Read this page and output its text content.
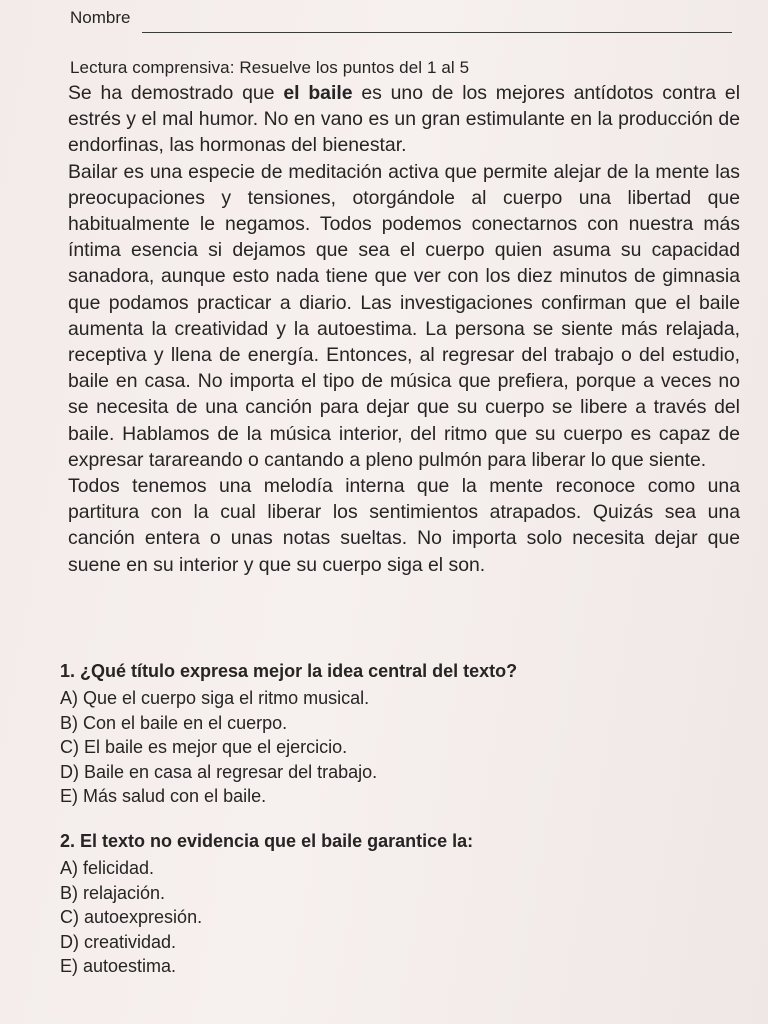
Nombre
Lectura comprensiva: Resuelve los puntos del 1 al 5

Se ha demostrado que el baile es uno de los mejores antídotos contra el estrés y el mal humor. No en vano es un gran estimulante en la producción de endorfinas, las hormonas del bienestar.

Bailar es una especie de meditación activa que permite alejar de la mente las preocupaciones y tensiones, otorgándole al cuerpo una libertad que habitualmente le negamos. Todos podemos conectarnos con nuestra más íntima esencia si dejamos que sea el cuerpo quien asuma su capacidad sanadora, aunque esto nada tiene que ver con los diez minutos de gimnasia que podamos practicar a diario. Las investigaciones confirman que el baile aumenta la creatividad y la autoestima. La persona se siente más relajada, receptiva y llena de energía. Entonces, al regresar del trabajo o del estudio, baile en casa. No importa el tipo de música que prefiera, porque a veces no se necesita de una canción para dejar que su cuerpo se libere a través del baile. Hablamos de la música interior, del ritmo que su cuerpo es capaz de expresar tarareando o cantando a pleno pulmón para liberar lo que siente.

Todos tenemos una melodía interna que la mente reconoce como una partitura con la cual liberar los sentimientos atrapados. Quizás sea una canción entera o unas notas sueltas. No importa solo necesita dejar que suene en su interior y que su cuerpo siga el son.

1. ¿Qué título expresa mejor la idea central del texto?

A) Que el cuerpo siga el ritmo musical.
B) Con el baile en el cuerpo.
C) El baile es mejor que el ejercicio.
D) Baile en casa al regresar del trabajo.
E) Más salud con el baile.

2. El texto no evidencia que el baile garantice la:

A) felicidad.
B) relajación.
C) autoexpresión.
D) creatividad.
E) autoestima.
